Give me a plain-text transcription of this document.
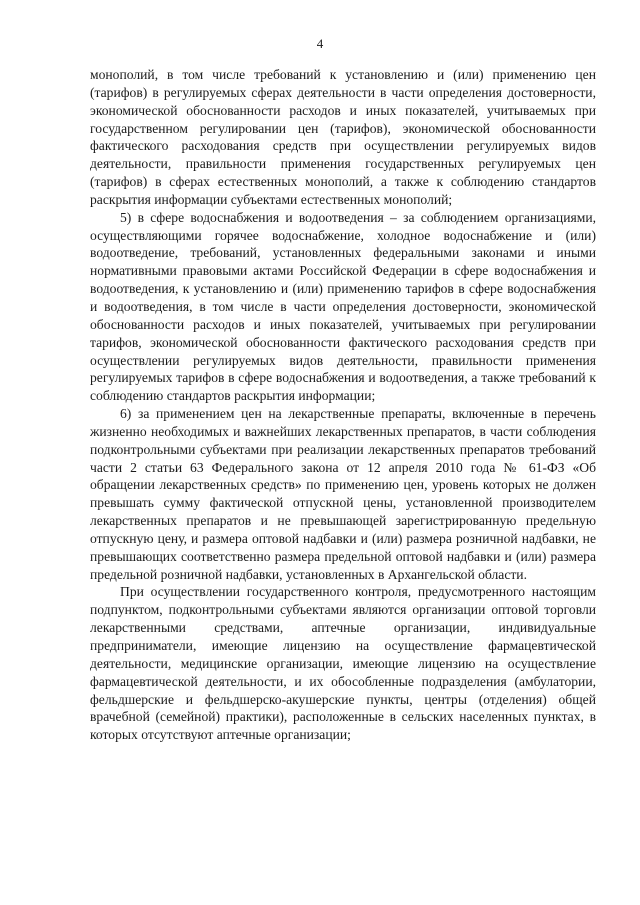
4

монополий, в том числе требований к установлению и (или) применению цен (тарифов) в регулируемых сферах деятельности в части определения достоверности, экономической обоснованности расходов и иных показателей, учитываемых при государственном регулировании цен (тарифов), экономической обоснованности фактического расходования средств при осуществлении регулируемых видов деятельности, правильности применения государственных регулируемых цен (тарифов) в сферах естественных монополий, а также к соблюдению стандартов раскрытия информации субъектами естественных монополий;

5) в сфере водоснабжения и водоотведения – за соблюдением организациями, осуществляющими горячее водоснабжение, холодное водоснабжение и (или) водоотведение, требований, установленных федеральными законами и иными нормативными правовыми актами Российской Федерации в сфере водоснабжения и водоотведения, к установлению и (или) применению тарифов в сфере водоснабжения и водоотведения, в том числе в части определения достоверности, экономической обоснованности расходов и иных показателей, учитываемых при регулировании тарифов, экономической обоснованности фактического расходования средств при осуществлении регулируемых видов деятельности, правильности применения регулируемых тарифов в сфере водоснабжения и водоотведения, а также требований к соблюдению стандартов раскрытия информации;

6) за применением цен на лекарственные препараты, включенные в перечень жизненно необходимых и важнейших лекарственных препаратов, в части соблюдения подконтрольными субъектами при реализации лекарственных препаратов требований части 2 статьи 63 Федерального закона от 12 апреля 2010 года № 61-ФЗ «Об обращении лекарственных средств» по применению цен, уровень которых не должен превышать сумму фактической отпускной цены, установленной производителем лекарственных препаратов и не превышающей зарегистрированную предельную отпускную цену, и размера оптовой надбавки и (или) размера розничной надбавки, не превышающих соответственно размера предельной оптовой надбавки и (или) размера предельной розничной надбавки, установленных в Архангельской области.

При осуществлении государственного контроля, предусмотренного настоящим подпунктом, подконтрольными субъектами являются организации оптовой торговли лекарственными средствами, аптечные организации, индивидуальные предприниматели, имеющие лицензию на осуществление фармацевтической деятельности, медицинские организации, имеющие лицензию на осуществление фармацевтической деятельности, и их обособленные подразделения (амбулатории, фельдшерские и фельдшерско-акушерские пункты, центры (отделения) общей врачебной (семейной) практики), расположенные в сельских населенных пунктах, в которых отсутствуют аптечные организации;
